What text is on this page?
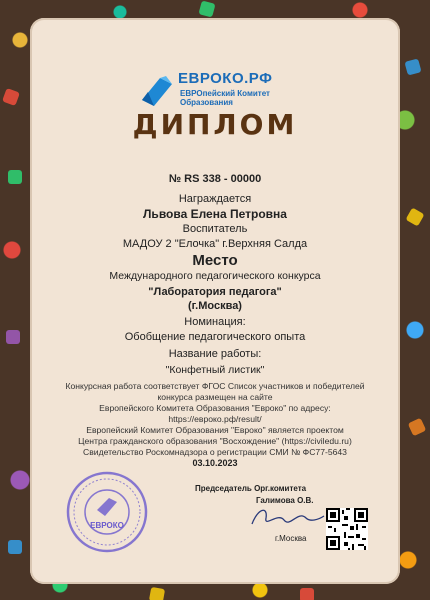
ЕВРОКО.РФ
ЕВРОпейский Комитет
Образования
ДИПЛОМ
№ RS 338 - 00000
Награждается
Львова Елена Петровна
Воспитатель
МАДОУ 2 "Елочка" г.Верхняя Салда
Место
Международного педагогического конкурса
"Лаборатория педагога"
(г.Москва)
Номинация:
Обобщение педагогического опыта
Название работы:
"Конфетный листик"
Конкурсная работа соответствует ФГОС Список участников и победителей
конкурса размещен на сайте
Европейского Комитета Образования "Евроко" по адресу:
https://евроко.рф/result/
Европейский Комитет Образования "Евроко" является проектом
Центра гражданского образования "Восхождение" (https://civiledu.ru)
Свидетельство Роскомнадзора о регистрации СМИ № ФС77-5643
03.10.2023
ЕВРОКО
Председатель Орг.комитета
Галимова О.В.
г.Москва
